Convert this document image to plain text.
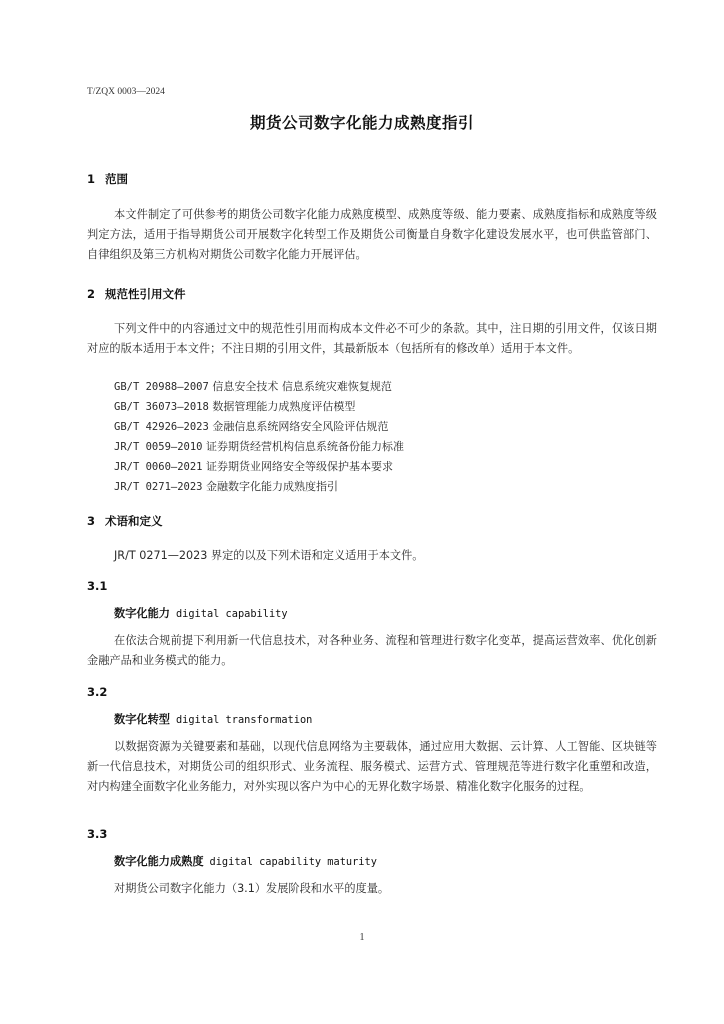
T/ZQX 0003—2024
期货公司数字化能力成熟度指引
1 范围

本文件制定了可供参考的期货公司数字化能力成熟度模型、成熟度等级、能力要素、成熟度指标和成熟度等级判定方法，适用于指导期货公司开展数字化转型工作及期货公司衡量自身数字化建设发展水平，也可供监管部门、自律组织及第三方机构对期货公司数字化能力开展评估。

2 规范性引用文件

下列文件中的内容通过文中的规范性引用而构成本文件必不可少的条款。其中，注日期的引用文件，仅该日期对应的版本适用于本文件；不注日期的引用文件，其最新版本（包括所有的修改单）适用于本文件。

GB/T 20988—2007 信息安全技术 信息系统灾难恢复规范
GB/T 36073—2018 数据管理能力成熟度评估模型
GB/T 42926—2023 金融信息系统网络安全风险评估规范
JR/T 0059—2010 证券期货经营机构信息系统备份能力标准
JR/T 0060—2021 证券期货业网络安全等级保护基本要求
JR/T 0271—2023 金融数字化能力成熟度指引
3 术语和定义

JR/T 0271—2023 界定的以及下列术语和定义适用于本文件。

3.1
数字化能力 digital capability

在依法合规前提下利用新一代信息技术，对各种业务、流程和管理进行数字化变革，提高运营效率、优化创新金融产品和业务模式的能力。

3.2
数字化转型 digital transformation

以数据资源为关键要素和基础，以现代信息网络为主要载体，通过应用大数据、云计算、人工智能、区块链等新一代信息技术，对期货公司的组织形式、业务流程、服务模式、运营方式、管理规范等进行数字化重塑和改造，对内构建全面数字化业务能力，对外实现以客户为中心的无界化数字场景、精准化数字化服务的过程。

3.3
数字化能力成熟度 digital capability maturity

对期货公司数字化能力（3.1）发展阶段和水平的度量。

1
